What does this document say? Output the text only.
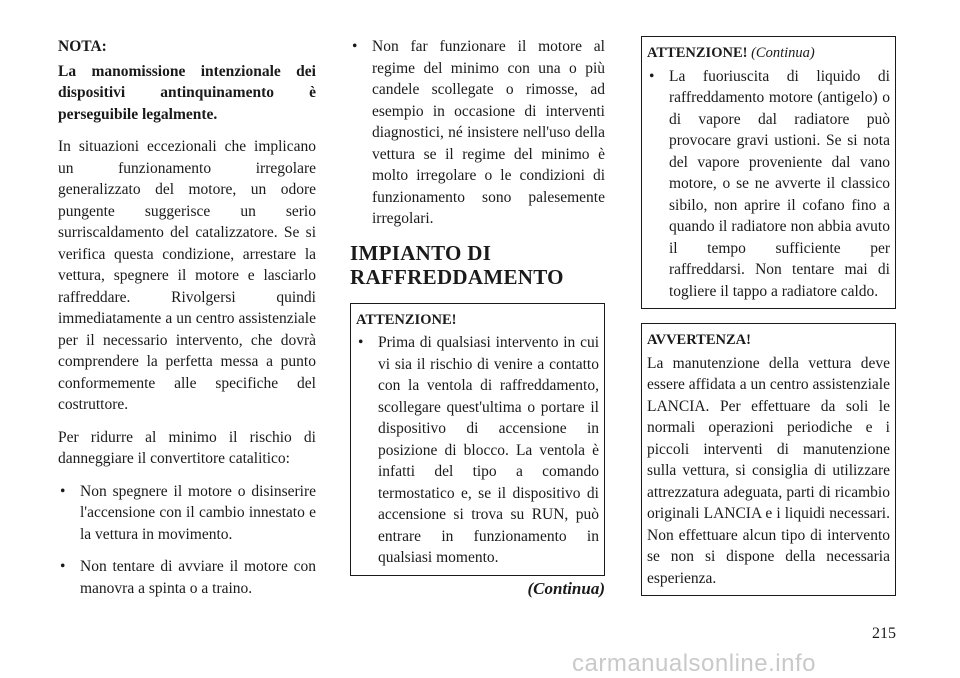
NOTA:

La manomissione intenzionale dei dispositivi antinquinamento è perseguibile legalmente.

In situazioni eccezionali che implicano un funzionamento irregolare generalizzato del motore, un odore pungente suggerisce un serio surriscaldamento del catalizzatore. Se si verifica questa condizione, arrestare la vettura, spegnere il motore e lasciarlo raffreddare. Rivolgersi quindi immediatamente a un centro assistenziale per il necessario intervento, che dovrà comprendere la perfetta messa a punto conformemente alle specifiche del costruttore.

Per ridurre al minimo il rischio di danneggiare il convertitore catalitico:

• Non spegnere il motore o disinserire l'accensione con il cambio innestato e la vettura in movimento.
• Non tentare di avviare il motore con manovra a spinta o a traino.
• Non far funzionare il motore al regime del minimo con una o più candele scollegate o rimosse, ad esempio in occasione di interventi diagnostici, né insistere nell'uso della vettura se il regime del minimo è molto irregolare o le condizioni di funzionamento sono palesemente irregolari.
IMPIANTO DI RAFFREDDAMENTO
ATTENZIONE!
• Prima di qualsiasi intervento in cui vi sia il rischio di venire a contatto con la ventola di raffreddamento, scollegare quest'ultima o portare il dispositivo di accensione in posizione di blocco. La ventola è infatti del tipo a comando termostatico e, se il dispositivo di accensione si trova su RUN, può entrare in funzionamento in qualsiasi momento.
(Continua)
ATTENZIONE! (Continua)
• La fuoriuscita di liquido di raffreddamento motore (antigelo) o di vapore dal radiatore può provocare gravi ustioni. Se si nota del vapore proveniente dal vano motore, o se ne avverte il classico sibilo, non aprire il cofano fino a quando il radiatore non abbia avuto il tempo sufficiente per raffreddarsi. Non tentare mai di togliere il tappo a radiatore caldo.
AVVERTENZA!

La manutenzione della vettura deve essere affidata a un centro assistenziale LANCIA. Per effettuare da soli le normali operazioni periodiche e i piccoli interventi di manutenzione sulla vettura, si consiglia di utilizzare attrezzatura adeguata, parti di ricambio originali LANCIA e i liquidi necessari. Non effettuare alcun tipo di intervento se non si dispone della necessaria esperienza.

215
carmanualsonline.info
